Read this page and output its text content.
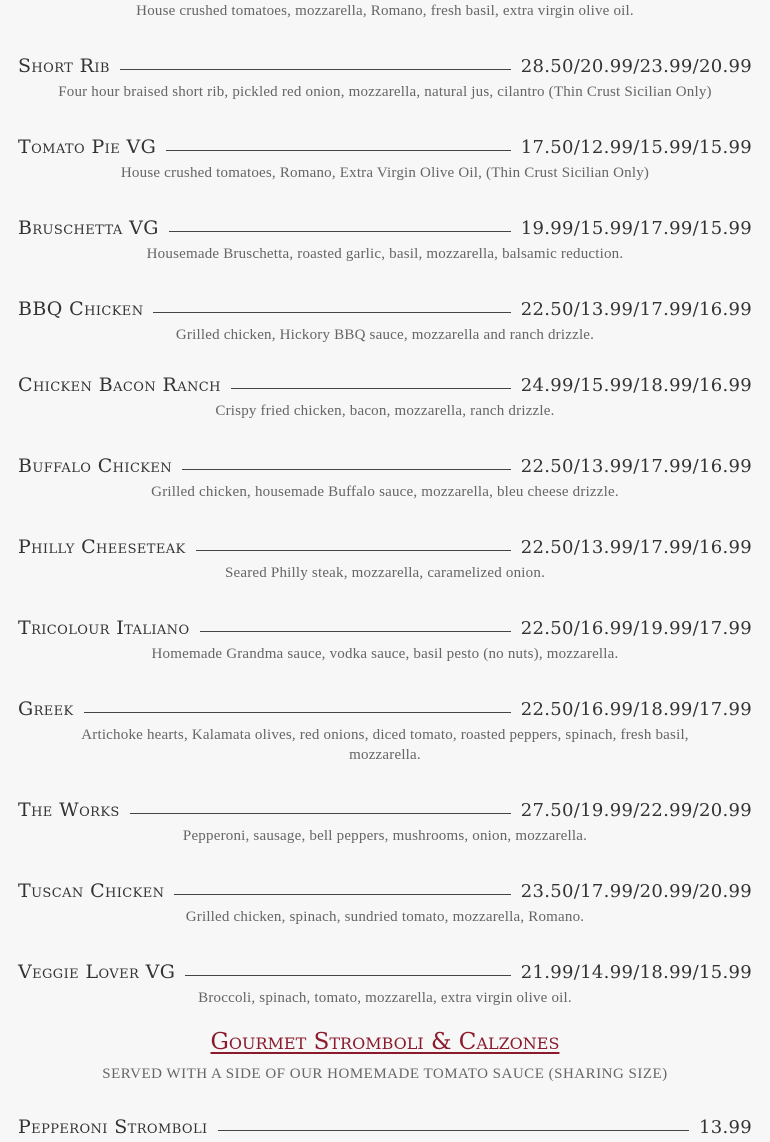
House crushed tomatoes, mozzarella, Romano, fresh basil, extra virgin olive oil.
Short Rib	28.50/20.99/23.99/20.99
Four hour braised short rib, pickled red onion, mozzarella, natural jus, cilantro (Thin Crust Sicilian Only)
Tomato Pie VG	17.50/12.99/15.99/15.99
House crushed tomatoes, Romano, Extra Virgin Olive Oil, (Thin Crust Sicilian Only)
Bruschetta VG	19.99/15.99/17.99/15.99
Housemade Bruschetta, roasted garlic, basil, mozzarella, balsamic reduction.
BBQ Chicken	22.50/13.99/17.99/16.99
Grilled chicken, Hickory BBQ sauce, mozzarella and ranch drizzle.
Chicken Bacon Ranch	24.99/15.99/18.99/16.99
Crispy fried chicken, bacon, mozzarella, ranch drizzle.
Buffalo Chicken	22.50/13.99/17.99/16.99
Grilled chicken, housemade Buffalo sauce, mozzarella, bleu cheese drizzle.
Philly Cheeseteak	22.50/13.99/17.99/16.99
Seared Philly steak, mozzarella, caramelized onion.
Tricolour Italiano	22.50/16.99/19.99/17.99
Homemade Grandma sauce, vodka sauce, basil pesto (no nuts), mozzarella.
Greek	22.50/16.99/18.99/17.99
Artichoke hearts, Kalamata olives, red onions, diced tomato, roasted peppers, spinach, fresh basil, mozzarella.
The Works	27.50/19.99/22.99/20.99
Pepperoni, sausage, bell peppers, mushrooms, onion, mozzarella.
Tuscan Chicken	23.50/17.99/20.99/20.99
Grilled chicken, spinach, sundried tomato, mozzarella, Romano.
Veggie Lover VG	21.99/14.99/18.99/15.99
Broccoli, spinach, tomato, mozzarella, extra virgin olive oil.
Gourmet Stromboli & Calzones
SERVED WITH A SIDE OF OUR HOMEMADE TOMATO SAUCE (SHARING SIZE)
Pepperoni Stromboli	13.99
